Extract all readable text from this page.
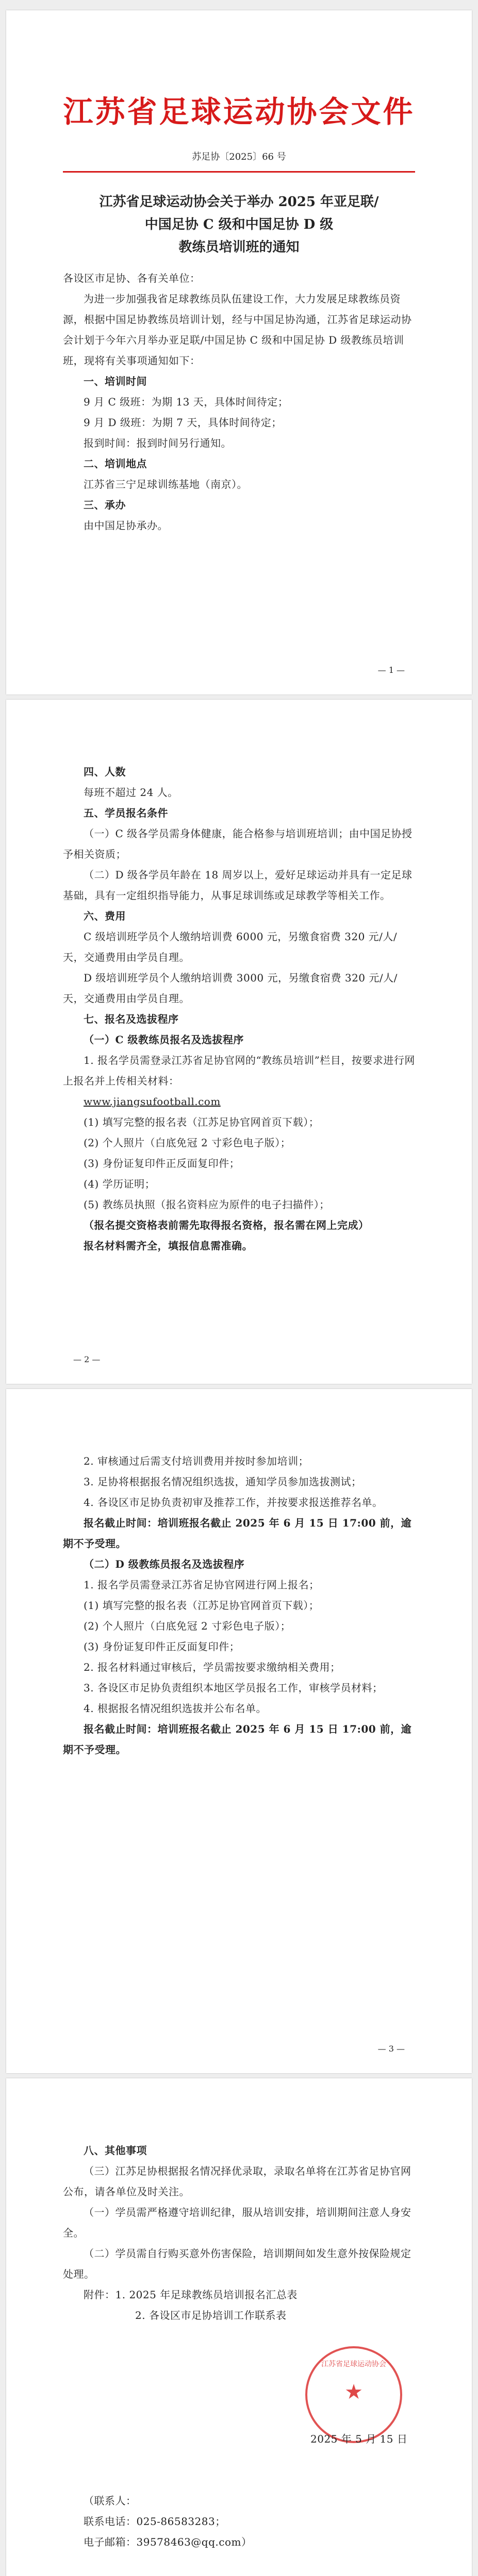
江苏省足球运动协会文件
苏足协〔2025〕66 号
江苏省足球运动协会关于举办 2025 年亚足联/
中国足协 C 级和中国足协 D 级
教练员培训班的通知

各设区市足协、各有关单位：

为进一步加强我省足球教练员队伍建设工作，大力发展足球教练员资源，根据中国足协教练员培训计划，经与中国足协沟通，江苏省足球运动协会计划于今年六月举办亚足联/中国足协 C 级和中国足协 D 级教练员培训班，现将有关事项通知如下：

一、培训时间

9 月 C 级班：为期 13 天，具体时间待定；

9 月 D 级班：为期 7 天，具体时间待定；

报到时间：报到时间另行通知。

二、培训地点

江苏省三宁足球训练基地（南京）。

三、承办

由中国足协承办。

— 1 —

四、人数

每班不超过 24 人。

五、学员报名条件

（一）C 级各学员需身体健康，能合格参与培训班培训；由中国足协授予相关资质；

（二）D 级各学员年龄在 18 周岁以上，爱好足球运动并具有一定足球基础，具有一定组织指导能力，从事足球训练或足球教学等相关工作。

六、费用

C 级培训班学员个人缴纳培训费 6000 元，另缴食宿费 320 元/人/天，交通费用由学员自理。

D 级培训班学员个人缴纳培训费 3000 元，另缴食宿费 320 元/人/天，交通费用由学员自理。

七、报名及选拔程序

（一）C 级教练员报名及选拔程序

1. 报名学员需登录江苏省足协官网的“教练员培训”栏目，按要求进行网上报名并上传相关材料：

www.jiangsufootball.com

(1) 填写完整的报名表（江苏足协官网首页下载）；

(2) 个人照片（白底免冠 2 寸彩色电子版）；

(3) 身份证复印件正反面复印件；

(4) 学历证明；

(5) 教练员执照（报名资料应为原件的电子扫描件）；

（报名提交资格表前需先取得报名资格，报名需在网上完成）

报名材料需齐全，填报信息需准确。

— 2 —

2. 审核通过后需支付培训费用并按时参加培训；

3. 足协将根据报名情况组织选拔，通知学员参加选拔测试；

4. 各设区市足协负责初审及推荐工作，并按要求报送推荐名单。

报名截止时间：培训班报名截止 2025 年 6 月 15 日 17:00 前，逾期不予受理。

（二）D 级教练员报名及选拔程序

1. 报名学员需登录江苏省足协官网进行网上报名；

(1) 填写完整的报名表（江苏足协官网首页下载）；

(2) 个人照片（白底免冠 2 寸彩色电子版）；

(3) 身份证复印件正反面复印件；

2. 报名材料通过审核后，学员需按要求缴纳相关费用；

3. 各设区市足协负责组织本地区学员报名工作，审核学员材料；

4. 根据报名情况组织选拔并公布名单。

报名截止时间：培训班报名截止 2025 年 6 月 15 日 17:00 前，逾期不予受理。

— 3 —

八、其他事项

（三）江苏足协根据报名情况择优录取，录取名单将在江苏省足协官网公布，请各单位及时关注。

（一）学员需严格遵守培训纪律，服从培训安排，培训期间注意人身安全。

（二）学员需自行购买意外伤害保险，培训期间如发生意外按保险规定处理。

附件：1. 2025 年足球教练员培训报名汇总表

2. 各设区市足协培训工作联系表

江苏省足球运动协会
★
2025 年 5 月 15 日

（联系人：

联系电话：025-86583283；

电子邮箱：39578463@qq.com）
